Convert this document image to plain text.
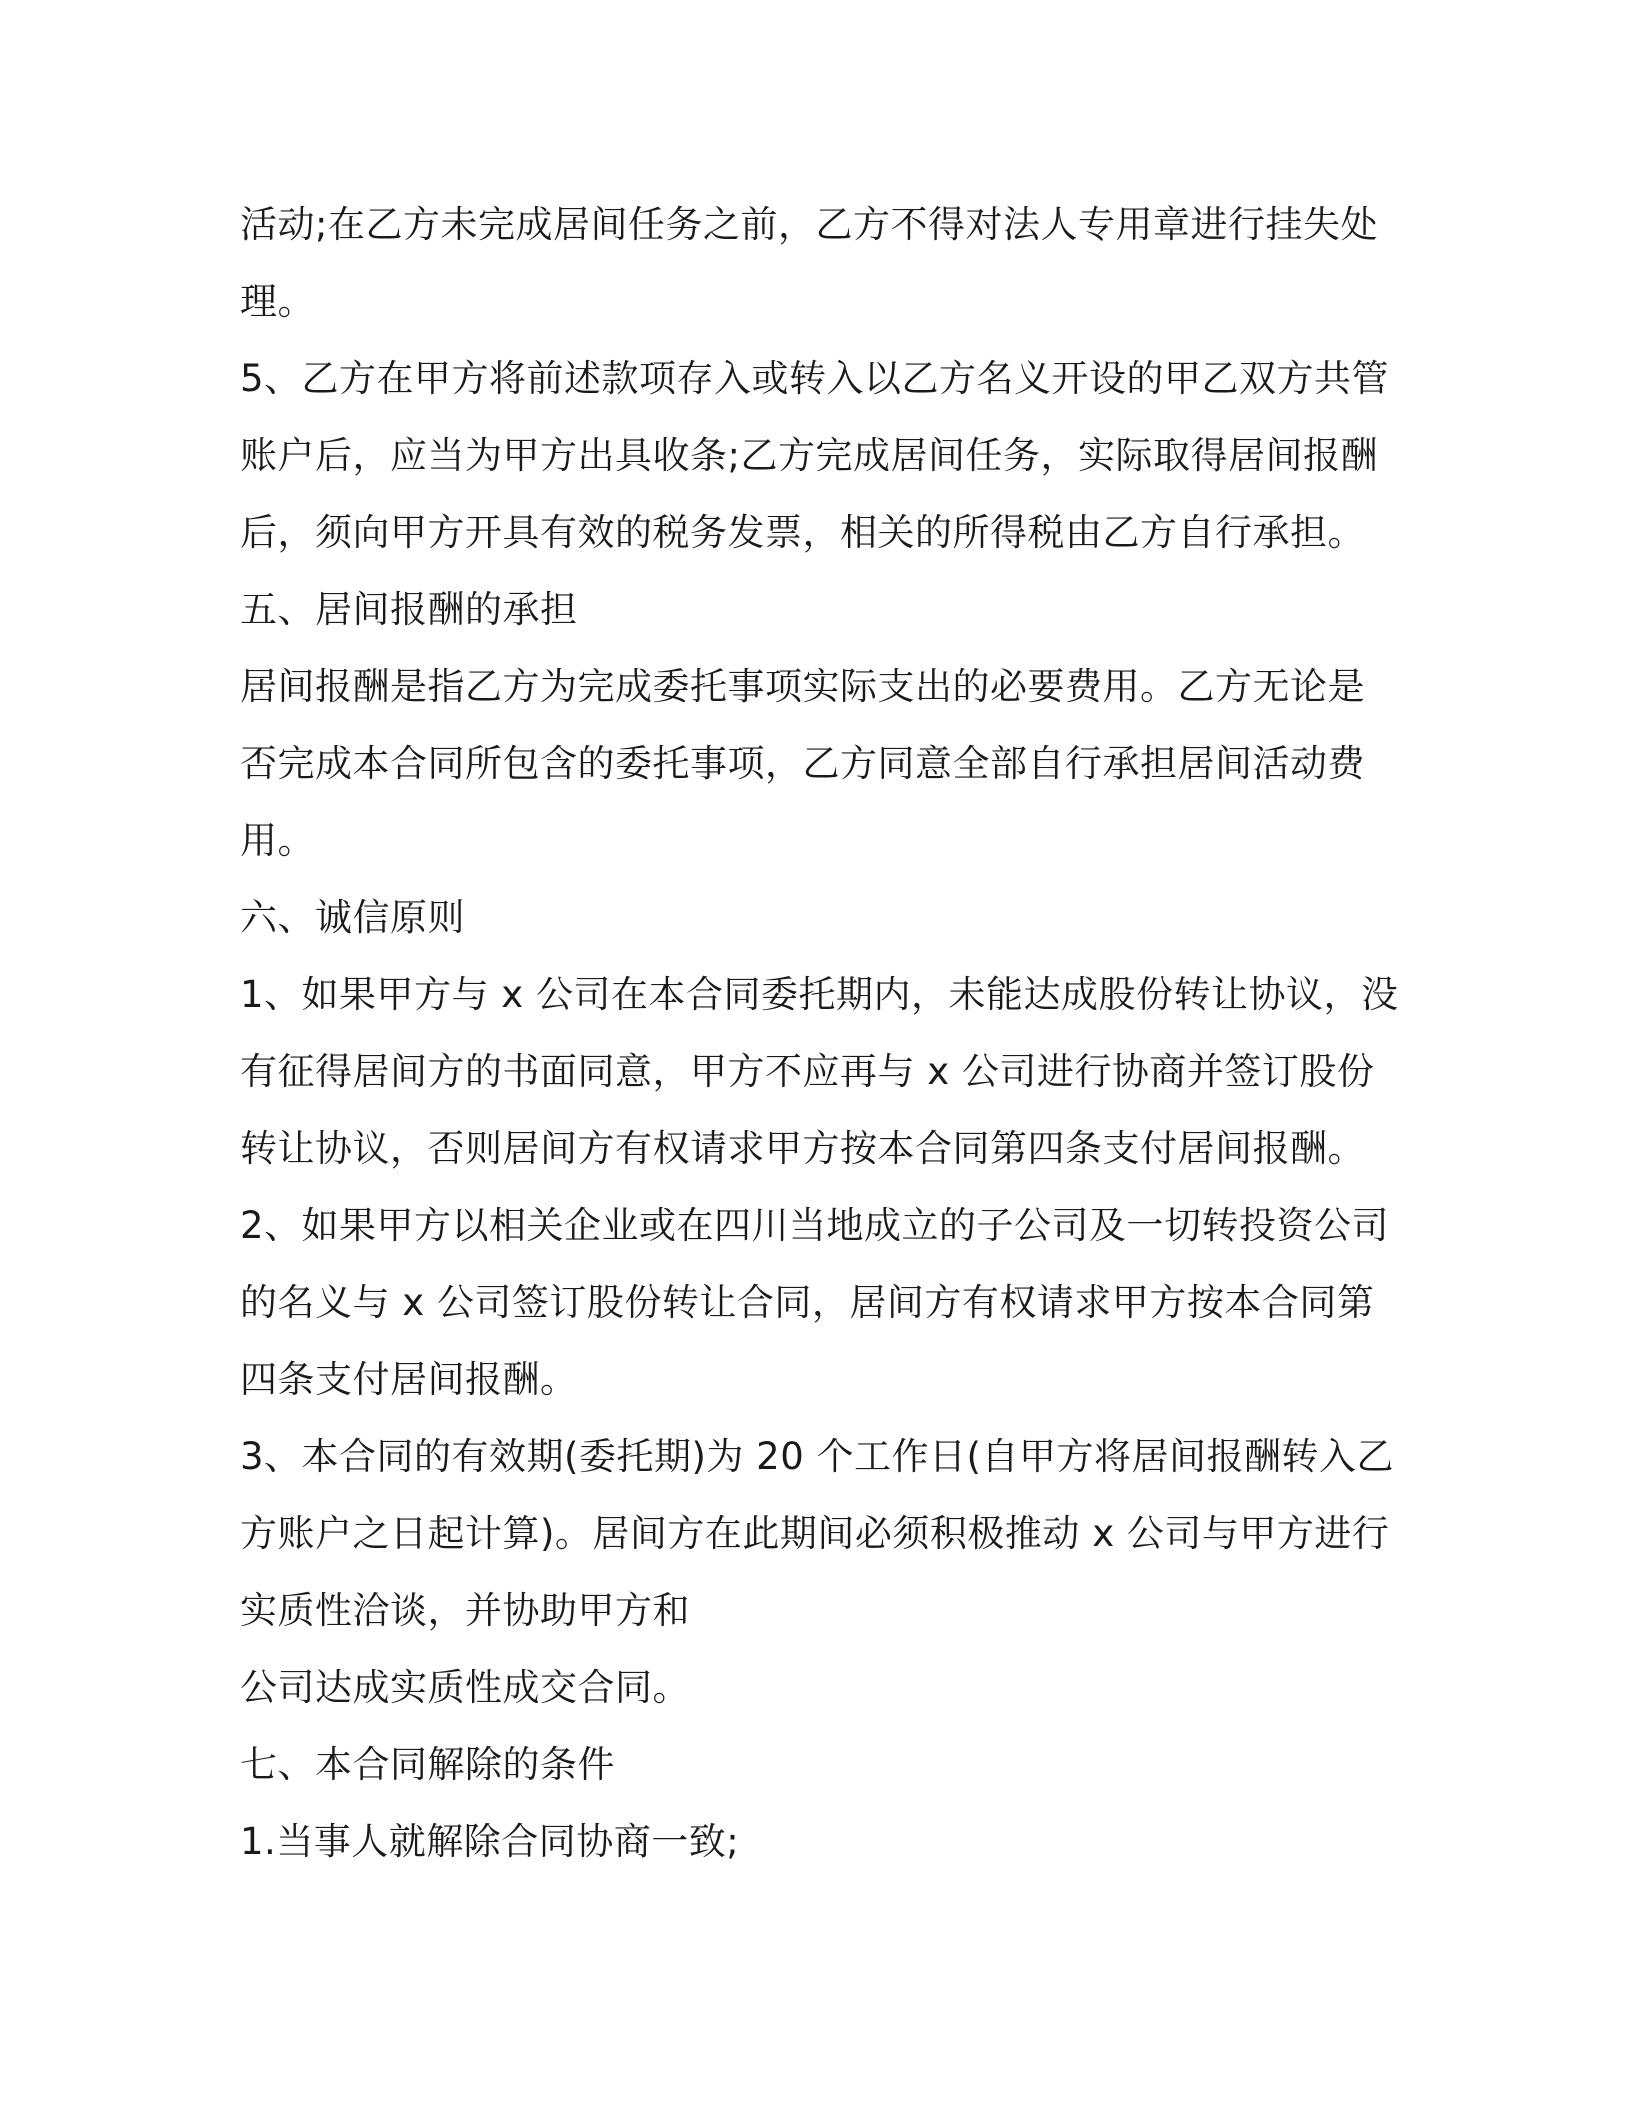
活动;在乙方未完成居间任务之前，乙方不得对法人专用章进行挂失处
理。
5、乙方在甲方将前述款项存入或转入以乙方名义开设的甲乙双方共管
账户后，应当为甲方出具收条;乙方完成居间任务，实际取得居间报酬
后，须向甲方开具有效的税务发票，相关的所得税由乙方自行承担。
五、居间报酬的承担
居间报酬是指乙方为完成委托事项实际支出的必要费用。乙方无论是
否完成本合同所包含的委托事项，乙方同意全部自行承担居间活动费
用。
六、诚信原则
1、如果甲方与 x 公司在本合同委托期内，未能达成股份转让协议，没
有征得居间方的书面同意，甲方不应再与 x 公司进行协商并签订股份
转让协议，否则居间方有权请求甲方按本合同第四条支付居间报酬。
2、如果甲方以相关企业或在四川当地成立的子公司及一切转投资公司
的名义与 x 公司签订股份转让合同，居间方有权请求甲方按本合同第
四条支付居间报酬。
3、本合同的有效期(委托期)为 20 个工作日(自甲方将居间报酬转入乙
方账户之日起计算)。居间方在此期间必须积极推动 x 公司与甲方进行
实质性洽谈，并协助甲方和
公司达成实质性成交合同。
七、本合同解除的条件
1.当事人就解除合同协商一致;
